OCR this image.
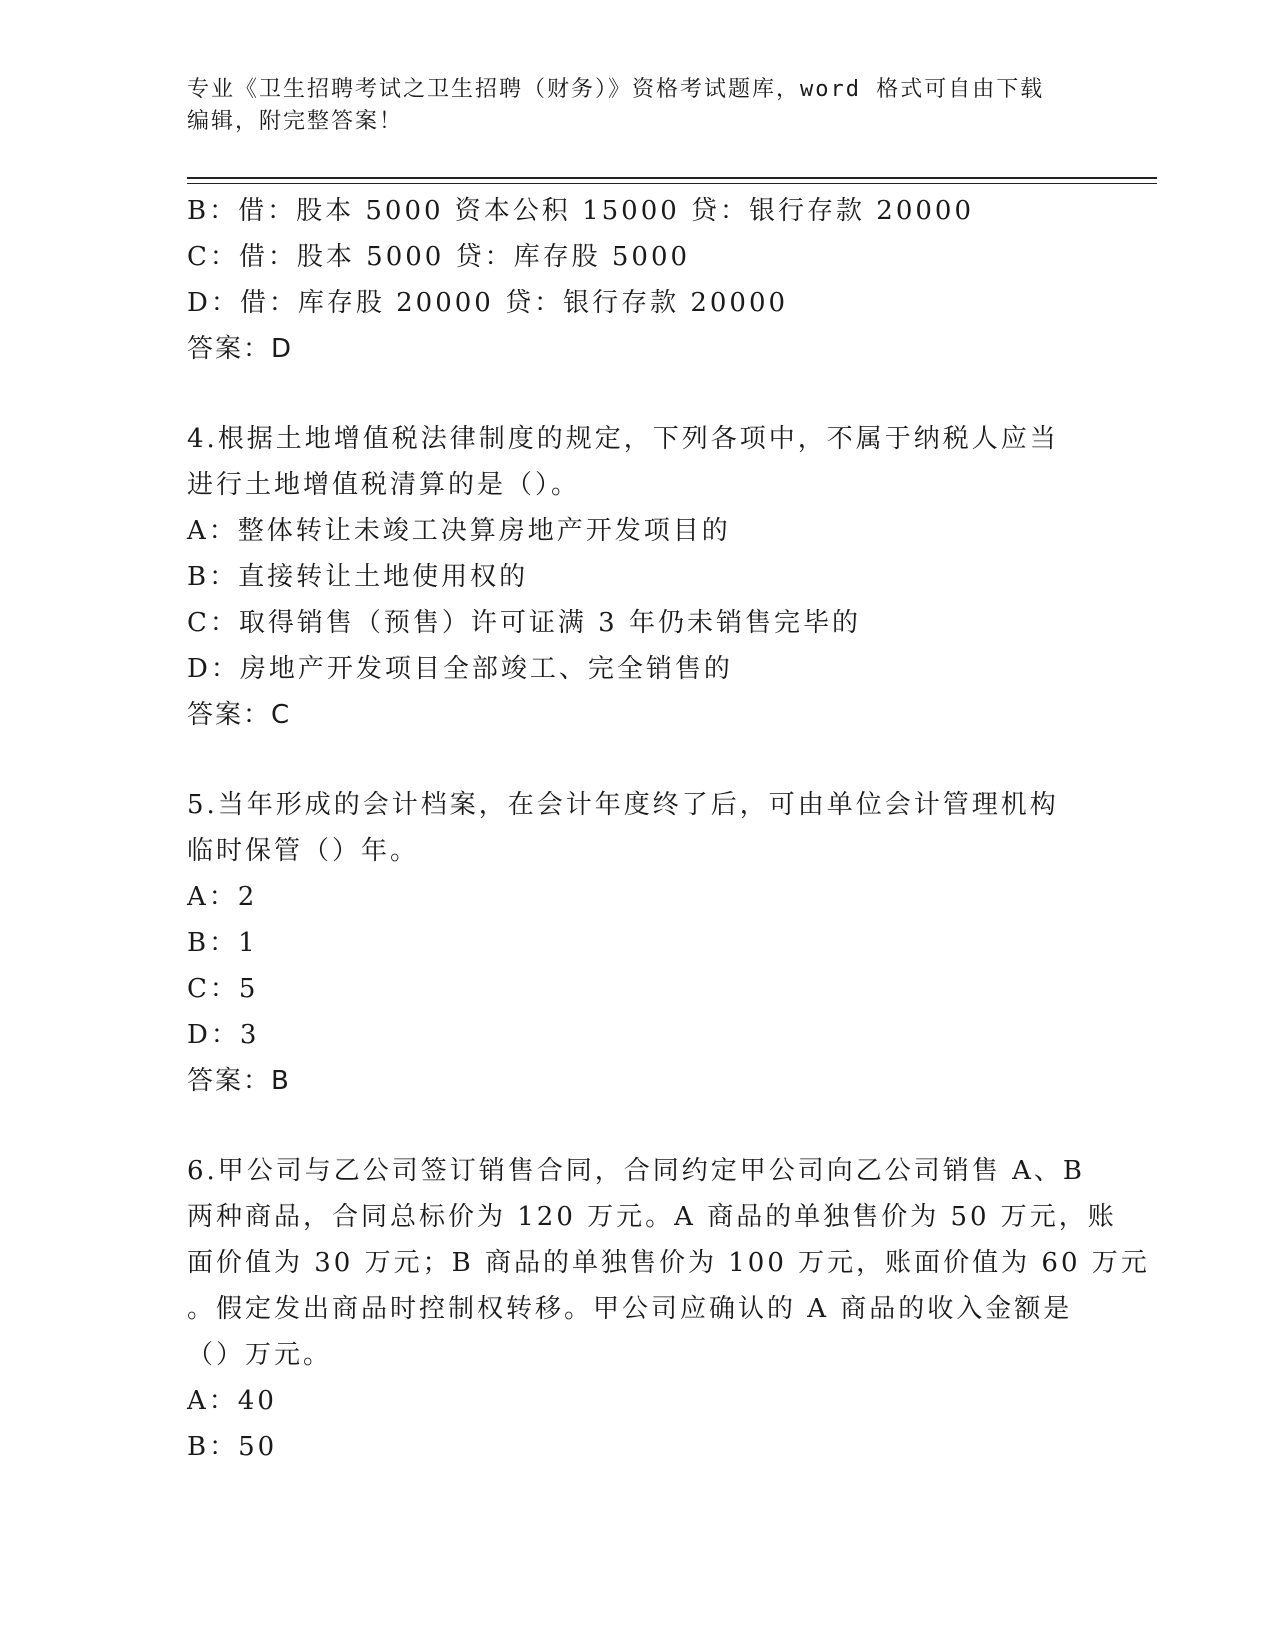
专业《卫生招聘考试之卫生招聘（财务）》资格考试题库，word 格式可自由下载
编辑，附完整答案！
B：借：股本 5000 资本公积 15000 贷：银行存款 20000
C：借：股本 5000 贷：库存股 5000
D：借：库存股 20000 贷：银行存款 20000
答案：D
4.根据土地增值税法律制度的规定，下列各项中，不属于纳税人应当
进行土地增值税清算的是（）。
A：整体转让未竣工决算房地产开发项目的
B：直接转让土地使用权的
C：取得销售（预售）许可证满 3 年仍未销售完毕的
D：房地产开发项目全部竣工、完全销售的
答案：C
5.当年形成的会计档案，在会计年度终了后，可由单位会计管理机构
临时保管（）年。
A：2
B：1
C：5
D：3
答案：B
6.甲公司与乙公司签订销售合同，合同约定甲公司向乙公司销售 A、B
两种商品，合同总标价为 120 万元。A 商品的单独售价为 50 万元，账
面价值为 30 万元；B 商品的单独售价为 100 万元，账面价值为 60 万元
。假定发出商品时控制权转移。甲公司应确认的 A 商品的收入金额是
（）万元。
A：40
B：50
